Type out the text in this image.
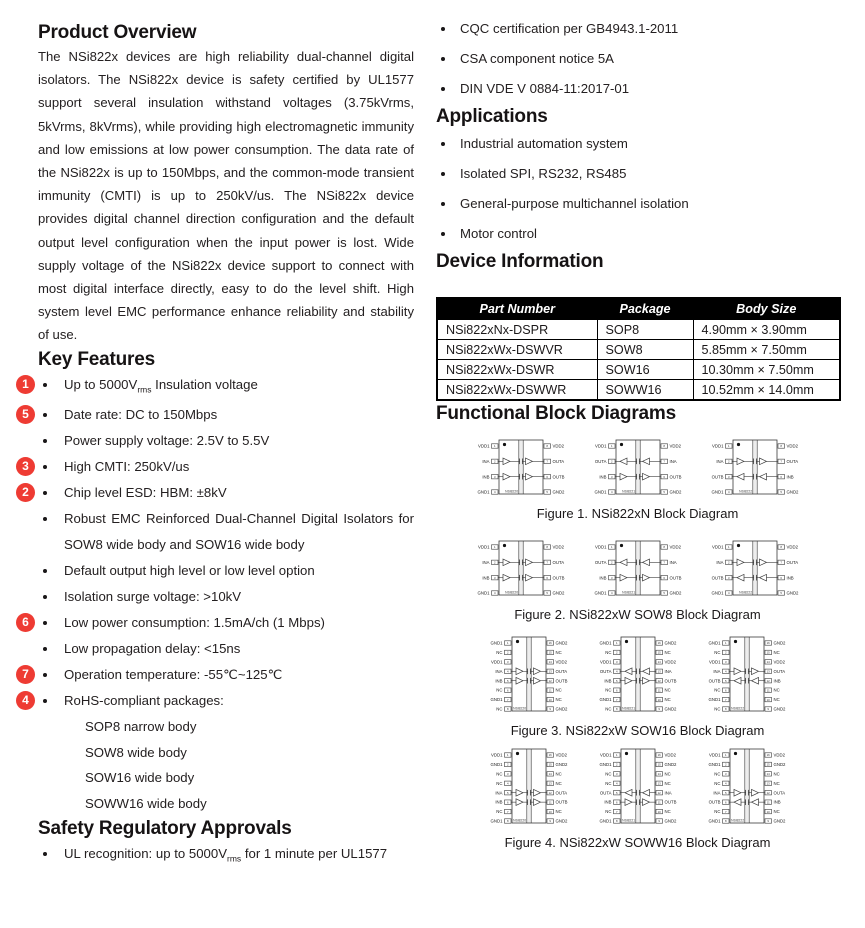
Product Overview

The NSi822x devices are high reliability dual-channel digital isolators. The NSi822x device is safety certified by UL1577 support several insulation withstand voltages (3.75kVrms, 5kVrms, 8kVrms), while providing high electromagnetic immunity and low emissions at low power consumption. The data rate of the NSi822x is up to 150Mbps, and the common-mode transient immunity (CMTI) is up to 250kV/us. The NSi822x device provides digital channel direction configuration and the default output level configuration when the input power is lost. Wide supply voltage of the NSi822x device support to connect with most digital interface directly, easy to do the level shift. High system level EMC performance enhance reliability and stability of use.

Key Features
1	Up to $5000V_{rms}$ Insulation voltage
5	Date rate: DC to 150Mbps
Power supply voltage: 2.5V to 5.5V
3	High CMTI: 250kV/us
2	Chip level ESD: HBM: ±8kV
Robust EMC Reinforced Dual-Channel Digital Isolators for SOW8 wide body and SOW16 wide body
Default output high level or low level option
Isolation surge voltage: >10kV
6	Low power consumption: 1.5mA/ch (1 Mbps)
Low propagation delay: <15ns
7	Operation temperature: -55℃~125℃
4	RoHS-compliant packages:
SOP8 narrow body
SOW8 wide body
SOW16 wide body
SOWW16 wide body
Safety Regulatory Approvals
UL recognition: up to $5000V_{rms}$ for 1 minute per UL1577
CQC certification per GB4943.1-2011
CSA component notice 5A
DIN VDE V 0884-11:2017-01
Applications
Industrial automation system
Isolated SPI, RS232, RS485
General-purpose multichannel isolation
Motor control
Device Information
Part Number	Package	Body Size
NSi822xNx-DSPR	SOP8	4.90mm × 3.90mm
NSi822xWx-DSWVR	SOW8	5.85mm × 7.50mm
NSi822xWx-DSWR	SOW16	10.30mm × 7.50mm
NSi822xWx-DSWWR	SOWW16	10.52mm × 14.0mm
Functional Block Diagrams
VDD1	VDD2
1	8
INA	OUTA
2	7
INB	OUTB
3	6
GND1	GND2
4	5
NSi8220
VDD1	VDD2
1	8
OUTA	INA
2	7
INB	OUTB
3	6
GND1	GND2
4	5
NSi8221
VDD1	VDD2
1	8
INA	OUTA
2	7
OUTB	INB
3	6
GND1	GND2
4	5
NSi8222
Figure 1. NSi822xN Block Diagram
VDD1	VDD2
1	8
INA	OUTA
2	7
INB	OUTB
3	6
GND1	GND2
4	5
NSi8220
VDD1	VDD2
1	8
OUTA	INA
2	7
INB	OUTB
3	6
GND1	GND2
4	5
NSi8221
VDD1	VDD2
1	8
INA	OUTA
2	7
OUTB	INB
3	6
GND1	GND2
4	5
NSi8222
Figure 2. NSi822xW SOW8 Block Diagram
GND1	GND2
1	16
NC	NC
2	15
VDD1	VDD2
3	14
INA	OUTA
4	13
INB	OUTB
5	12
NC	NC
6	11
GND1	NC
7	10
NC	GND2
8	9
NSi8220
GND1	GND2
1	16
NC	NC
2	15
VDD1	VDD2
3	14
OUTA	INA
4	13
INB	OUTB
5	12
NC	NC
6	11
GND1	NC
7	10
NC	GND2
8	9
NSi8221
GND1	GND2
1	16
NC	NC
2	15
VDD1	VDD2
3	14
INA	OUTA
4	13
OUTB	INB
5	12
NC	NC
6	11
GND1	NC
7	10
NC	GND2
8	9
NSi8222
Figure 3. NSi822xW SOW16 Block Diagram
VDD1	VDD2
1	16
GND1	GND2
2	15
NC	NC
3	14
NC	NC
4	13
INA	OUTA
5	12
INB	OUTB
6	11
NC	NC
7	10
GND1	GND2
8	9
NSi8220
VDD1	VDD2
1	16
GND1	GND2
2	15
NC	NC
3	14
NC	NC
4	13
OUTA	INA
5	12
INB	OUTB
6	11
NC	NC
7	10
GND1	GND2
8	9
NSi8221
VDD1	VDD2
1	16
GND1	GND2
2	15
NC	NC
3	14
NC	NC
4	13
INA	OUTA
5	12
OUTB	INB
6	11
NC	NC
7	10
GND1	GND2
8	9
NSi8222
Figure 4. NSi822xW SOWW16 Block Diagram
